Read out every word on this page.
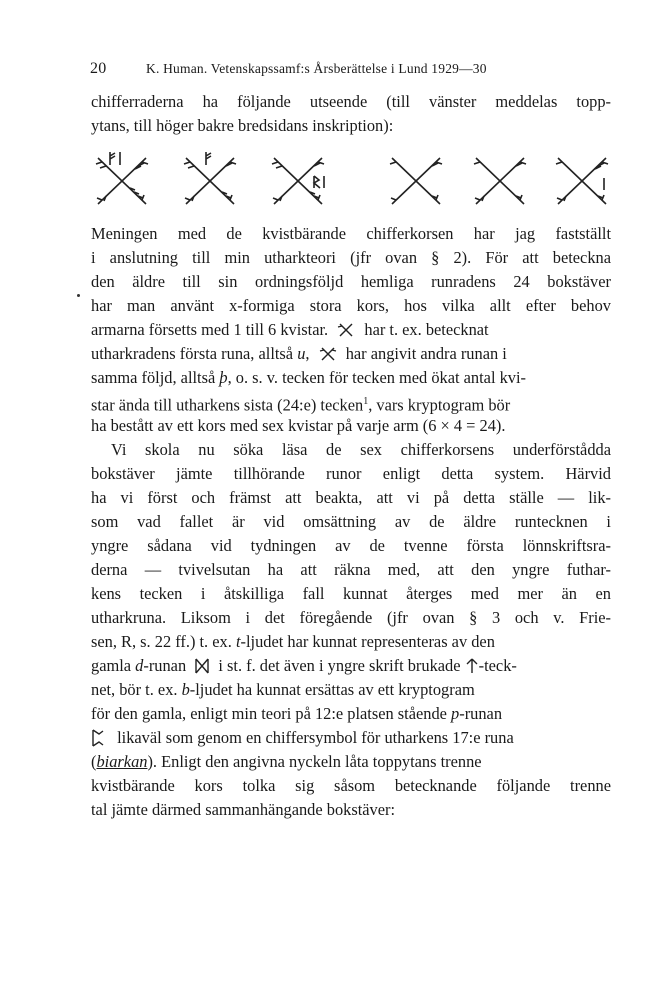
20	K. Human. Vetenskapssamf:s Årsberättelse i Lund 1929—30
chifferraderna ha följande utseende (till vänster meddelas topp-
ytans, till höger bakre bredsidans inskription):
Meningen med de kvistbärande chifferkorsen har jag fastställt
i anslutning till min utharkteori (jfr ovan § 2). För att beteckna
den äldre till sin ordningsföljd hemliga runradens 24 bokstäver
har man använt x-formiga stora kors, hos vilka allt efter behov
armarna försetts med 1 till 6 kvistar. har t. ex. betecknat
utharkradens första runa, alltså u,  har angivit andra runan i
samma följd, alltså þ, o. s. v. tecken för tecken med ökat antal kvi-
star ända till utharkens sista (24:e) tecken$^1$, vars kryptogram bör
ha bestått av ett kors med sex kvistar på varje arm (6 × 4 = 24).
Vi skola nu söka läsa de sex chifferkorsens underförstådda
bokstäver jämte tillhörande runor enligt detta system. Härvid
ha vi först och främst att beakta, att vi på detta ställe — lik-
som vad fallet är vid omsättning av de äldre runtecknen i
yngre sådana vid tydningen av de tvenne första lönnskriftsra-
derna — tvivelsutan ha att räkna med, att den yngre futhar-
kens tecken i åtskilliga fall kunnat återges med mer än en
utharkruna. Liksom i det föregående (jfr ovan § 3 och v. Frie-
sen, R, s. 22 ff.) t. ex. t-ljudet har kunnat representeras av den
gamla d-runan i st. f. det även i yngre skrift brukade -teck-
net, bör t. ex. b-ljudet ha kunnat ersättas av ett kryptogram
för den gamla, enligt min teori på 12:e platsen stående p-runan
likaväl som genom en chiffersymbol för utharkens 17:e runa
(biarkan). Enligt den angivna nyckeln låta toppytans trenne
kvistbärande kors tolka sig såsom betecknande följande trenne
tal jämte därmed sammanhängande bokstäver:
